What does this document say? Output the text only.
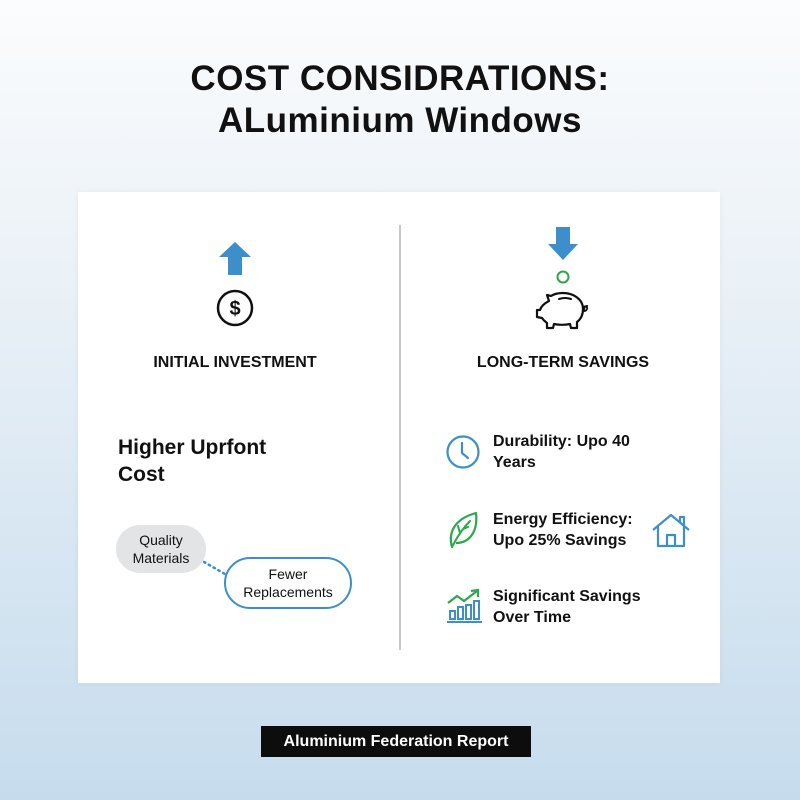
COST CONSIDRATIONS:
ALuminium Windows
$
INITIAL INVESTMENT
Higher Uprfont
Cost
Quality
Materials
Fewer
Replacements
LONG-TERM SAVINGS
Durability: Upo 40
Years
Energy Efficiency:
Upo 25% Savings
Significant Savings
Over Time
Aluminium Federation Report
